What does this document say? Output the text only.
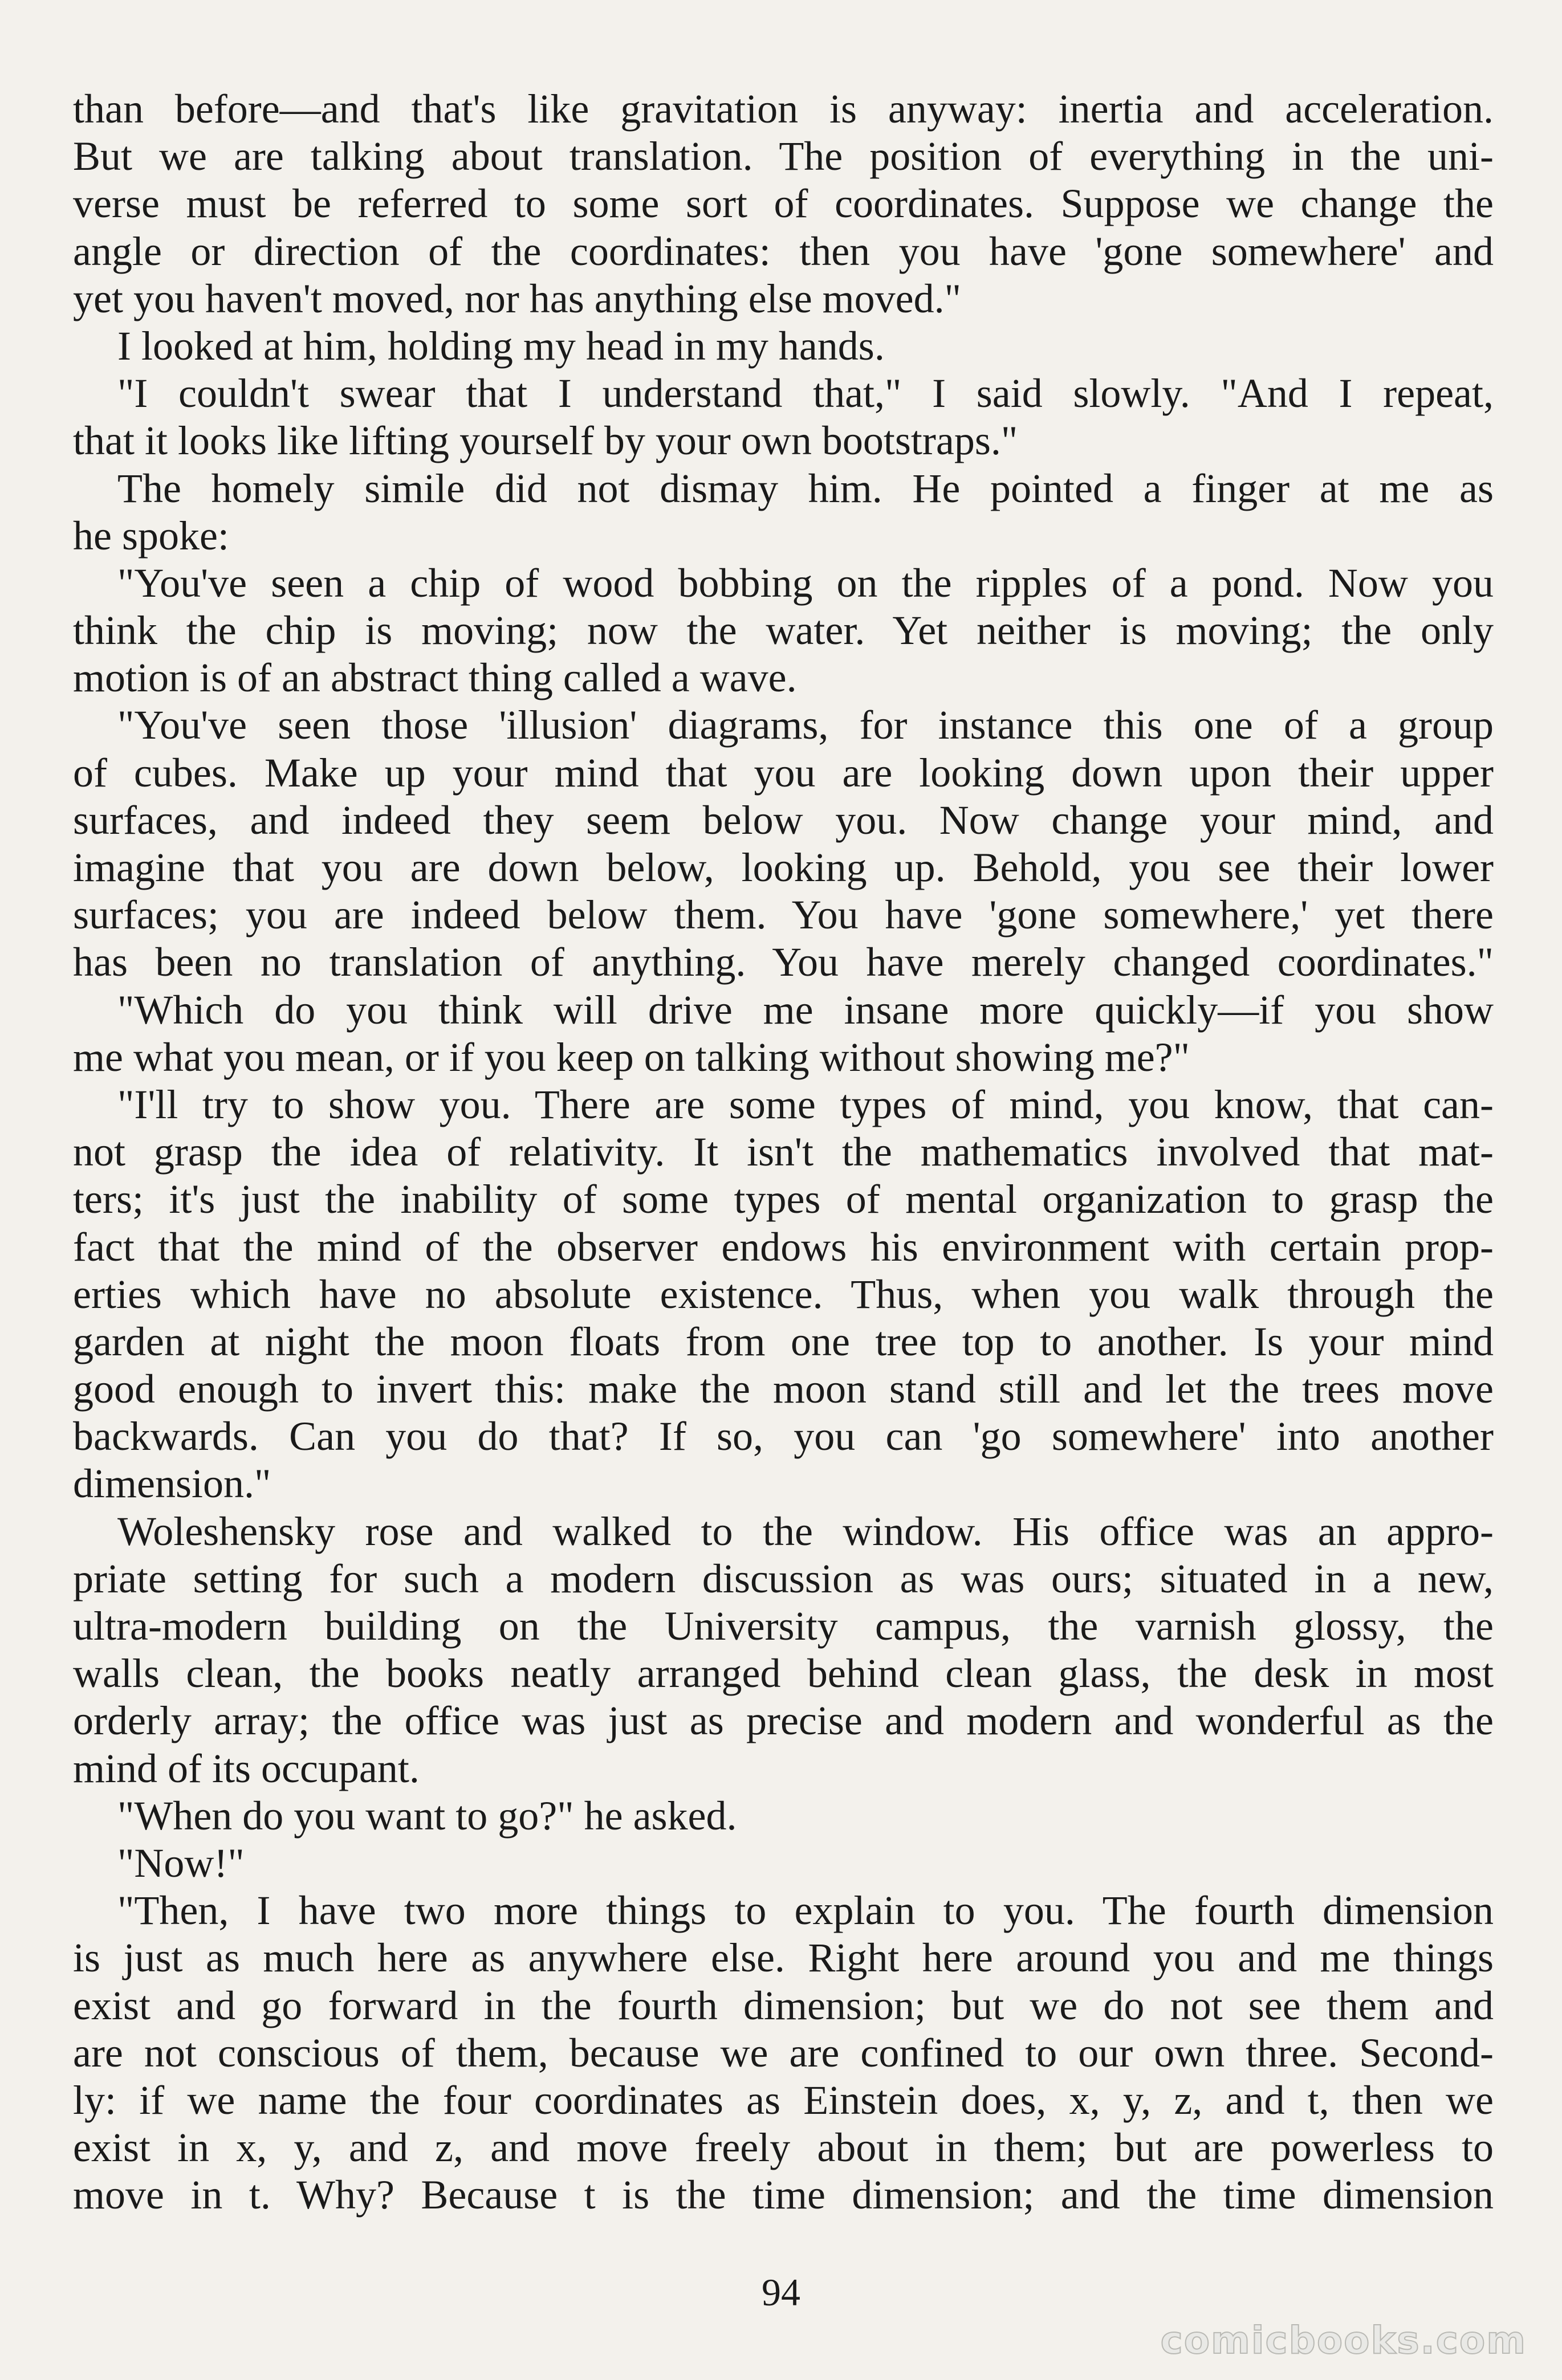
than before—and that's like gravitation is anyway: inertia and acceleration.
But we are talking about translation. The position of everything in the uni-
verse must be referred to some sort of coordinates. Suppose we change the
angle or direction of the coordinates: then you have 'gone somewhere' and
yet you haven't moved, nor has anything else moved."
I looked at him, holding my head in my hands.
"I couldn't swear that I understand that," I said slowly. "And I repeat,
that it looks like lifting yourself by your own bootstraps."
The homely simile did not dismay him. He pointed a finger at me as
he spoke:
"You've seen a chip of wood bobbing on the ripples of a pond. Now you
think the chip is moving; now the water. Yet neither is moving; the only
motion is of an abstract thing called a wave.
"You've seen those 'illusion' diagrams, for instance this one of a group
of cubes. Make up your mind that you are looking down upon their upper
surfaces, and indeed they seem below you. Now change your mind, and
imagine that you are down below, looking up. Behold, you see their lower
surfaces; you are indeed below them. You have 'gone somewhere,' yet there
has been no translation of anything. You have merely changed coordinates."
"Which do you think will drive me insane more quickly—if you show
me what you mean, or if you keep on talking without showing me?"
"I'll try to show you. There are some types of mind, you know, that can-
not grasp the idea of relativity. It isn't the mathematics involved that mat-
ters; it's just the inability of some types of mental organization to grasp the
fact that the mind of the observer endows his environment with certain prop-
erties which have no absolute existence. Thus, when you walk through the
garden at night the moon floats from one tree top to another. Is your mind
good enough to invert this: make the moon stand still and let the trees move
backwards. Can you do that? If so, you can 'go somewhere' into another
dimension."
Woleshensky rose and walked to the window. His office was an appro-
priate setting for such a modern discussion as was ours; situated in a new,
ultra-modern building on the University campus, the varnish glossy, the
walls clean, the books neatly arranged behind clean glass, the desk in most
orderly array; the office was just as precise and modern and wonderful as the
mind of its occupant.
"When do you want to go?" he asked.
"Now!"
"Then, I have two more things to explain to you. The fourth dimension
is just as much here as anywhere else. Right here around you and me things
exist and go forward in the fourth dimension; but we do not see them and
are not conscious of them, because we are confined to our own three. Second-
ly: if we name the four coordinates as Einstein does, x, y, z, and t, then we
exist in x, y, and z, and move freely about in them; but are powerless to
move in t. Why? Because t is the time dimension; and the time dimension
94
comicbooks.com
